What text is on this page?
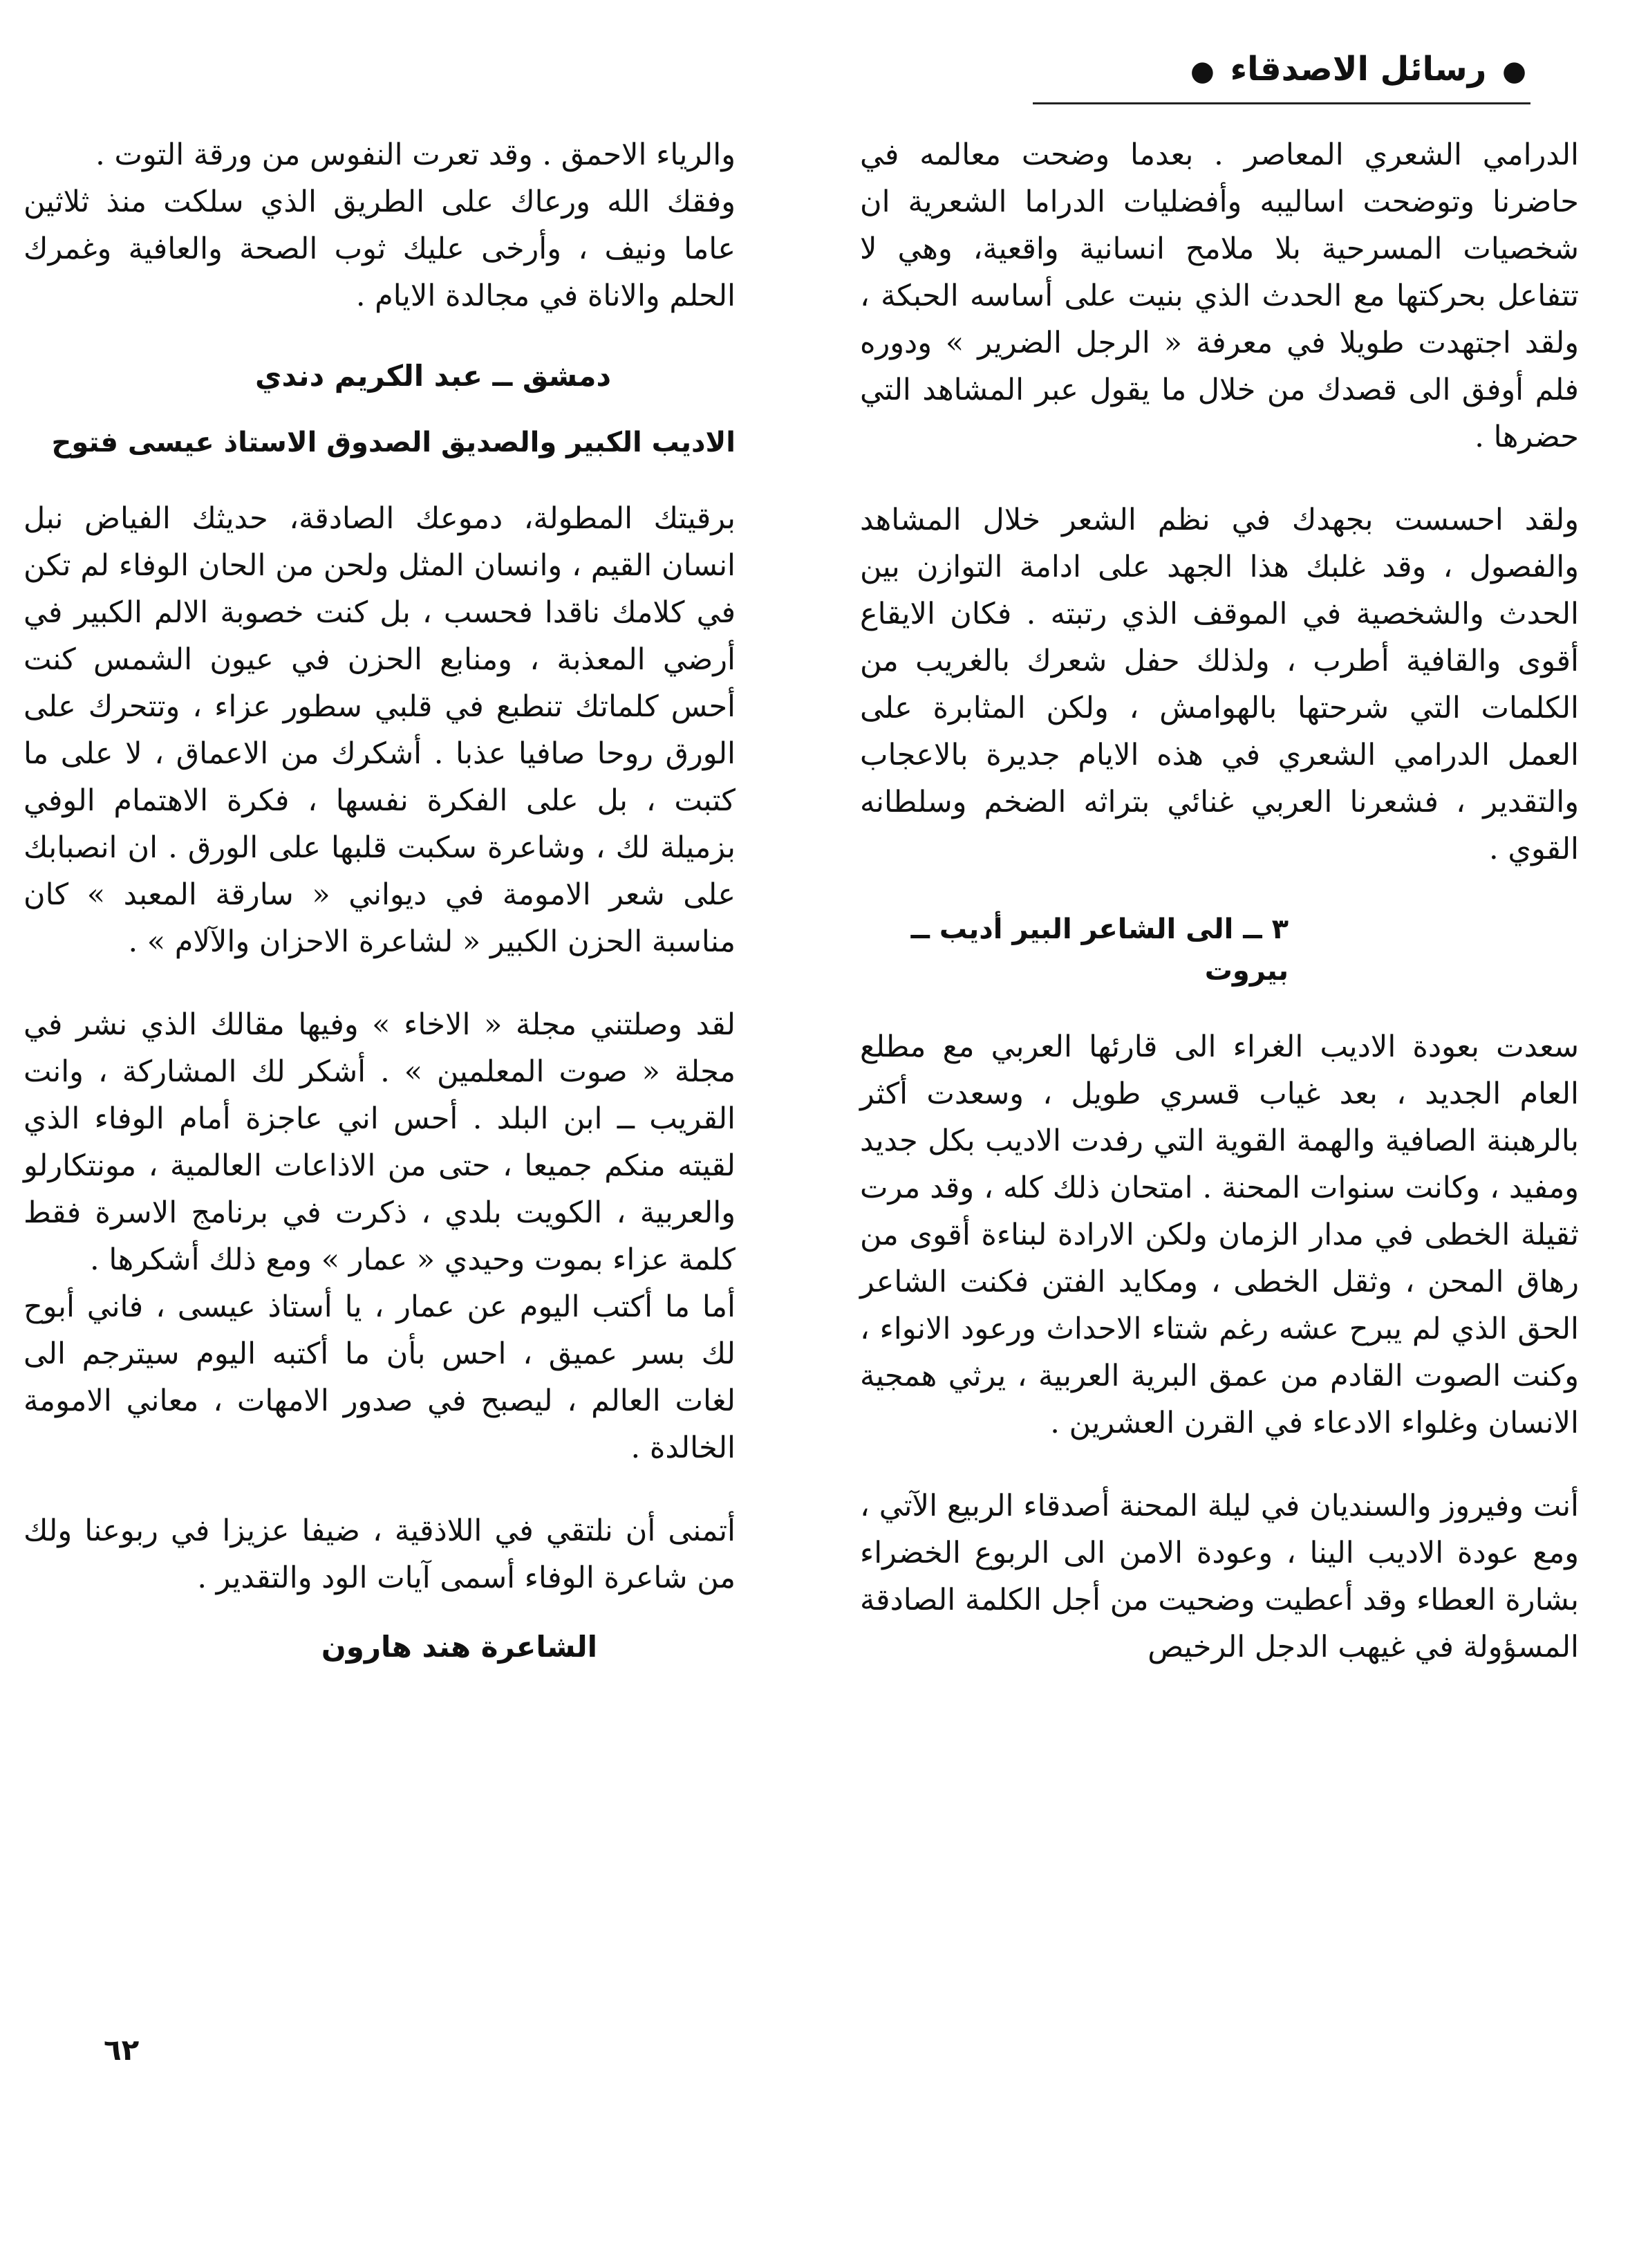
● رسائل الاصدقاء ●

الدرامي الشعري المعاصر . بعدما وضحت معالمه في حاضرنا وتوضحت اساليبه وأفضليات الدراما الشعرية ان شخصيات المسرحية بلا ملامح انسانية واقعية، وهي لا تتفاعل بحركتها مع الحدث الذي بنيت على أساسه الحبكة ، ولقد اجتهدت طويلا في معرفة « الرجل الضرير » ودوره فلم أوفق الى قصدك من خلال ما يقول عبر المشاهد التي حضرها .

ولقد احسست بجهدك في نظم الشعر خلال المشاهد والفصول ، وقد غلبك هذا الجهد على ادامة التوازن بين الحدث والشخصية في الموقف الذي رتبته . فكان الايقاع أقوى والقافية أطرب ، ولذلك حفل شعرك بالغريب من الكلمات التي شرحتها بالهوامش ، ولكن المثابرة على العمل الدرامي الشعري في هذه الايام جديرة بالاعجاب والتقدير ، فشعرنا العربي غنائي بتراثه الضخم وسلطانه القوي .

٣ ــ الى الشاعر البير أديب ــ بيروت

سعدت بعودة الاديب الغراء الى قارئها العربي مع مطلع العام الجديد ، بعد غياب قسري طويل ، وسعدت أكثر بالرهبنة الصافية والهمة القوية التي رفدت الاديب بكل جديد ومفيد ، وكانت سنوات المحنة . امتحان ذلك كله ، وقد مرت ثقيلة الخطى في مدار الزمان ولكن الارادة لبناءة أقوى من رهاق المحن ، وثقل الخطى ، ومكايد الفتن فكنت الشاعر الحق الذي لم يبرح عشه رغم شتاء الاحداث ورعود الانواء ، وكنت الصوت القادم من عمق البرية العربية ، يرثي همجية الانسان وغلواء الادعاء في القرن العشرين .

أنت وفيروز والسنديان في ليلة المحنة أصدقاء الربيع الآتي ، ومع عودة الاديب الينا ، وعودة الامن الى الربوع الخضراء بشارة العطاء وقد أعطيت وضحيت من أجل الكلمة الصادقة المسؤولة في غيهب الدجل الرخيص

والرياء الاحمق . وقد تعرت النفوس من ورقة التوت .

وفقك الله ورعاك على الطريق الذي سلكت منذ ثلاثين عاما ونيف ، وأرخى عليك ثوب الصحة والعافية وغمرك الحلم والاناة في مجالدة الايام .

دمشق ــ عبد الكريم دندي
الاديب الكبير والصديق الصدوق الاستاذ عيسى فتوح

برقيتك المطولة، دموعك الصادقة، حديثك الفياض نبل انسان القيم ، وانسان المثل ولحن من الحان الوفاء لم تكن في كلامك ناقدا فحسب ، بل كنت خصوبة الالم الكبير في أرضي المعذبة ، ومنابع الحزن في عيون الشمس كنت أحس كلماتك تنطبع في قلبي سطور عزاء ، وتتحرك على الورق روحا صافيا عذبا . أشكرك من الاعماق ، لا على ما كتبت ، بل على الفكرة نفسها ، فكرة الاهتمام الوفي بزميلة لك ، وشاعرة سكبت قلبها على الورق . ان انصبابك على شعر الامومة في ديواني « سارقة المعبد » كان مناسبة الحزن الكبير « لشاعرة الاحزان والآلام » .

لقد وصلتني مجلة « الاخاء » وفيها مقالك الذي نشر في مجلة « صوت المعلمين » . أشكر لك المشاركة ، وانت القريب ــ ابن البلد . أحس اني عاجزة أمام الوفاء الذي لقيته منكم جميعا ، حتى من الاذاعات العالمية ، مونتكارلو والعربية ، الكويت بلدي ، ذكرت في برنامج الاسرة فقط كلمة عزاء بموت وحيدي « عمار » ومع ذلك أشكرها .

أما ما أكتب اليوم عن عمار ، يا أستاذ عيسى ، فاني أبوح لك بسر عميق ، احس بأن ما أكتبه اليوم سيترجم الى لغات العالم ، ليصبح في صدور الامهات ، معاني الامومة الخالدة .

أتمنى أن نلتقي في اللاذقية ، ضيفا عزيزا في ربوعنا ولك من شاعرة الوفاء أسمى آيات الود والتقدير .

الشاعرة هند هارون
٦٢
